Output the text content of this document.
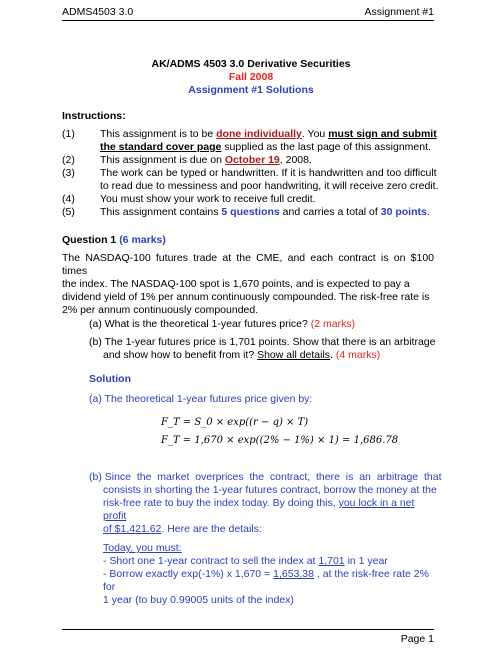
ADMS4503 3.0	Assignment #1
AK/ADMS 4503 3.0 Derivative Securities
Fall 2008
Assignment #1 Solutions
Instructions:
(1) This assignment is to be done individually. You must sign and submit
the standard cover page supplied as the last page of this assignment.
(2) This assignment is due on October 19, 2008.
(3) The work can be typed or handwritten. If it is handwritten and too difficult
to read due to messiness and poor handwriting, it will receive zero credit.
(4) You must show your work to receive full credit.
(5) This assignment contains 5 questions and carries a total of 30 points.
Question 1 (6 marks)
The NASDAQ-100 futures trade at the CME, and each contract is on $100 times
the index. The NASDAQ-100 spot is 1,670 points, and is expected to pay a
dividend yield of 1% per annum continuously compounded. The risk-free rate is
2% per annum continuously compounded.
(a) What is the theoretical 1-year futures price? (2 marks)
(b) The 1-year futures price is 1,701 points. Show that there is an arbitrage
and show how to benefit from it? Show all details. (4 marks)
Solution
(a) The theoretical 1-year futures price given by:
F_T = S_0 × exp((r − q) × T)
F_T = 1,670 × exp((2% − 1%) × 1) = 1,686.78
(b) Since  the  market  overprices  the  contract,  there  is  an  arbitrage  that
consists in shorting the 1-year futures contract, borrow the money at the
risk-free rate to buy the index today. By doing this, you lock in a net profit
of $1,421.62. Here are the details:
Today, you must:
- Short one 1-year contract to sell the index at 1,701 in 1 year
- Borrow exactly exp(-1%) x 1,670 = 1,653.38 , at the risk-free rate 2% for
1 year (to buy 0.99005 units of the index)
Page 1
